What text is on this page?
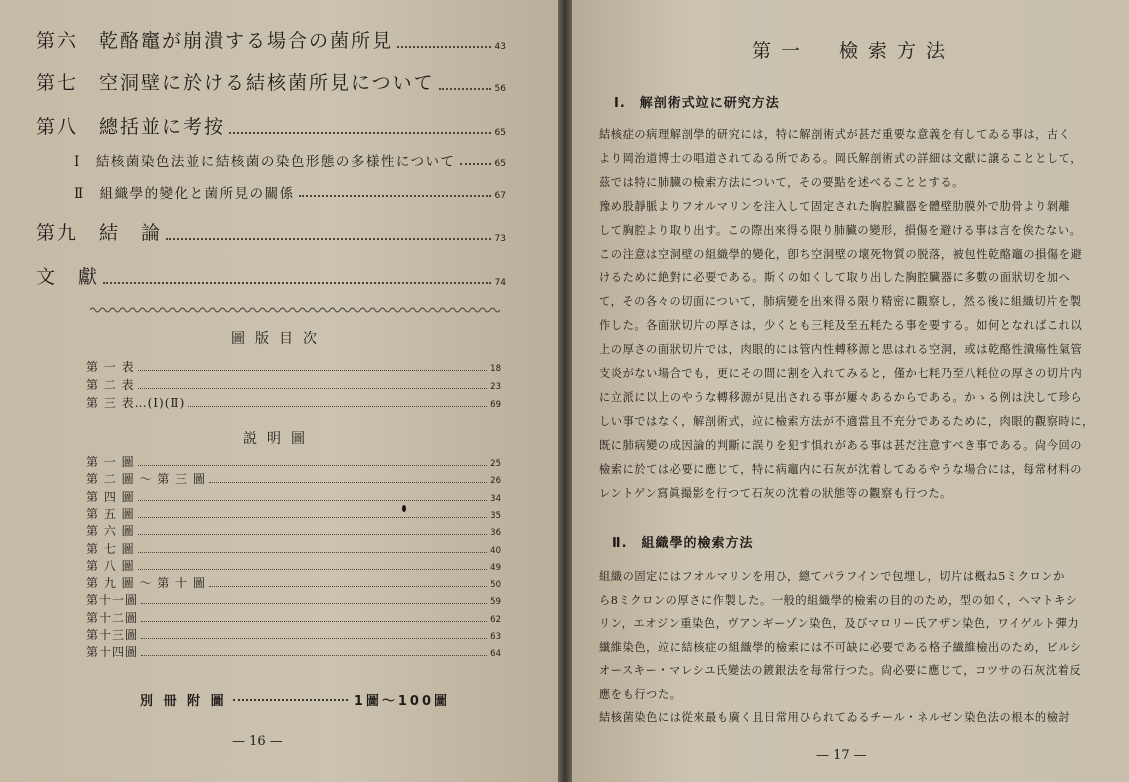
第六　乾酪竈が崩潰する場合の菌所見	43
第七　空洞壁に於ける結核菌所見について	56
第八　總括並に考按	65
Ⅰ　結核菌染色法並に結核菌の染色形態の多様性について	65
Ⅱ　組織學的變化と菌所見の關係	67
第九　結　論	73
文　獻	74
圖版目次
第 一 表	18
第 二 表	23
第 三 表…(Ⅰ)(Ⅱ)	69
説明圖
別 冊 附 圖	1圖～100圖
— 16 —
第 一 圖	25
第 二 圖 ～ 第 三 圖	26
第 四 圖	34
第 五 圖	35
第 六 圖	36
第 七 圖	40
第 八 圖	49
第 九 圖 ～ 第 十 圖	50
第十一圖	59
第十二圖	62
第十三圖	63
第十四圖	64
第一　檢索方法
Ⅰ.　解剖術式竝に研究方法
Ⅱ.　組織學的檢索方法
— 17 —
結核症の病理解剖學的研究には，特に解剖術式が甚だ重要な意義を有してゐる事は，古く
より岡治道博士の唱道されてゐる所である。岡氏解剖術式の詳細は文獻に譲ることとして，
茲では特に肺臓の檢索方法について，その要點を述べることとする。
豫め股靜脈よりフオルマリンを注入して固定された胸腔臟器を體壁肋膜外で肋骨より剝離
して胸腔より取り出す。この際出來得る限り肺臟の變形，損傷を避ける事は言を俟たない。
この注意は空洞壁の組織學的變化，卽ち空洞壁の壞死物質の脱落，被包性乾酪竈の損傷を避
けるために絶對に必要である。斯くの如くして取り出した胸腔臟器に多數の面狀切を加へ
て，その各々の切面について，肺病變を出來得る限り精密に觀察し，然る後に組織切片を製
作した。各面狀切片の厚さは，少くとも三粍及至五粍たる事を要する。如何となればこれ以
上の厚さの面狀切片では，肉眼的には管内性轉移源と思はれる空洞，或は乾酪性潰瘍性氣管
支炎がない場合でも，更にその間に割を入れてみると，僅か七粍乃至八粍位の厚さの切片内
に立派に以上のやうな轉移源が見出される事が屢々あるからである。かゝる例は決して珍ら
しい事ではなく，解剖術式，竝に檢索方法が不適當且不充分であるために，肉眼的觀察時に，
既に肺病變の成因論的判斷に誤りを犯す惧れがある事は甚だ注意すべき事である。尙今回の
檢索に於ては必要に應じて，特に病竈内に石灰が沈着してゐるやうな場合には，每常材料の
レントゲン寫眞撮影を行つて石灰の沈着の狀態等の觀察も行つた。
組織の固定にはフオルマリンを用ひ，總てパラフインで包埋し，切片は槪ね5ミクロンか
ら8ミクロンの厚さに作製した。一般的組織學的檢索の目的のため，型の如く，ヘマトキシ
リン，エオジン重染色，ヴアンギーゾン染色，及びマロリー氏アザン染色，ワイゲルト彈力
纎維染色，竝に結核症の組織學的檢索には不可缺に必要である格子纎維檢出のため，ビルシ
オースキー・マレシユ氏變法の鍍銀法を每常行つた。尙必要に應じて，コツサの石灰沈着反
應をも行つた。
結核菌染色には從來最も廣く且日常用ひられてゐるチール・ネルゼン染色法の根本的檢討
